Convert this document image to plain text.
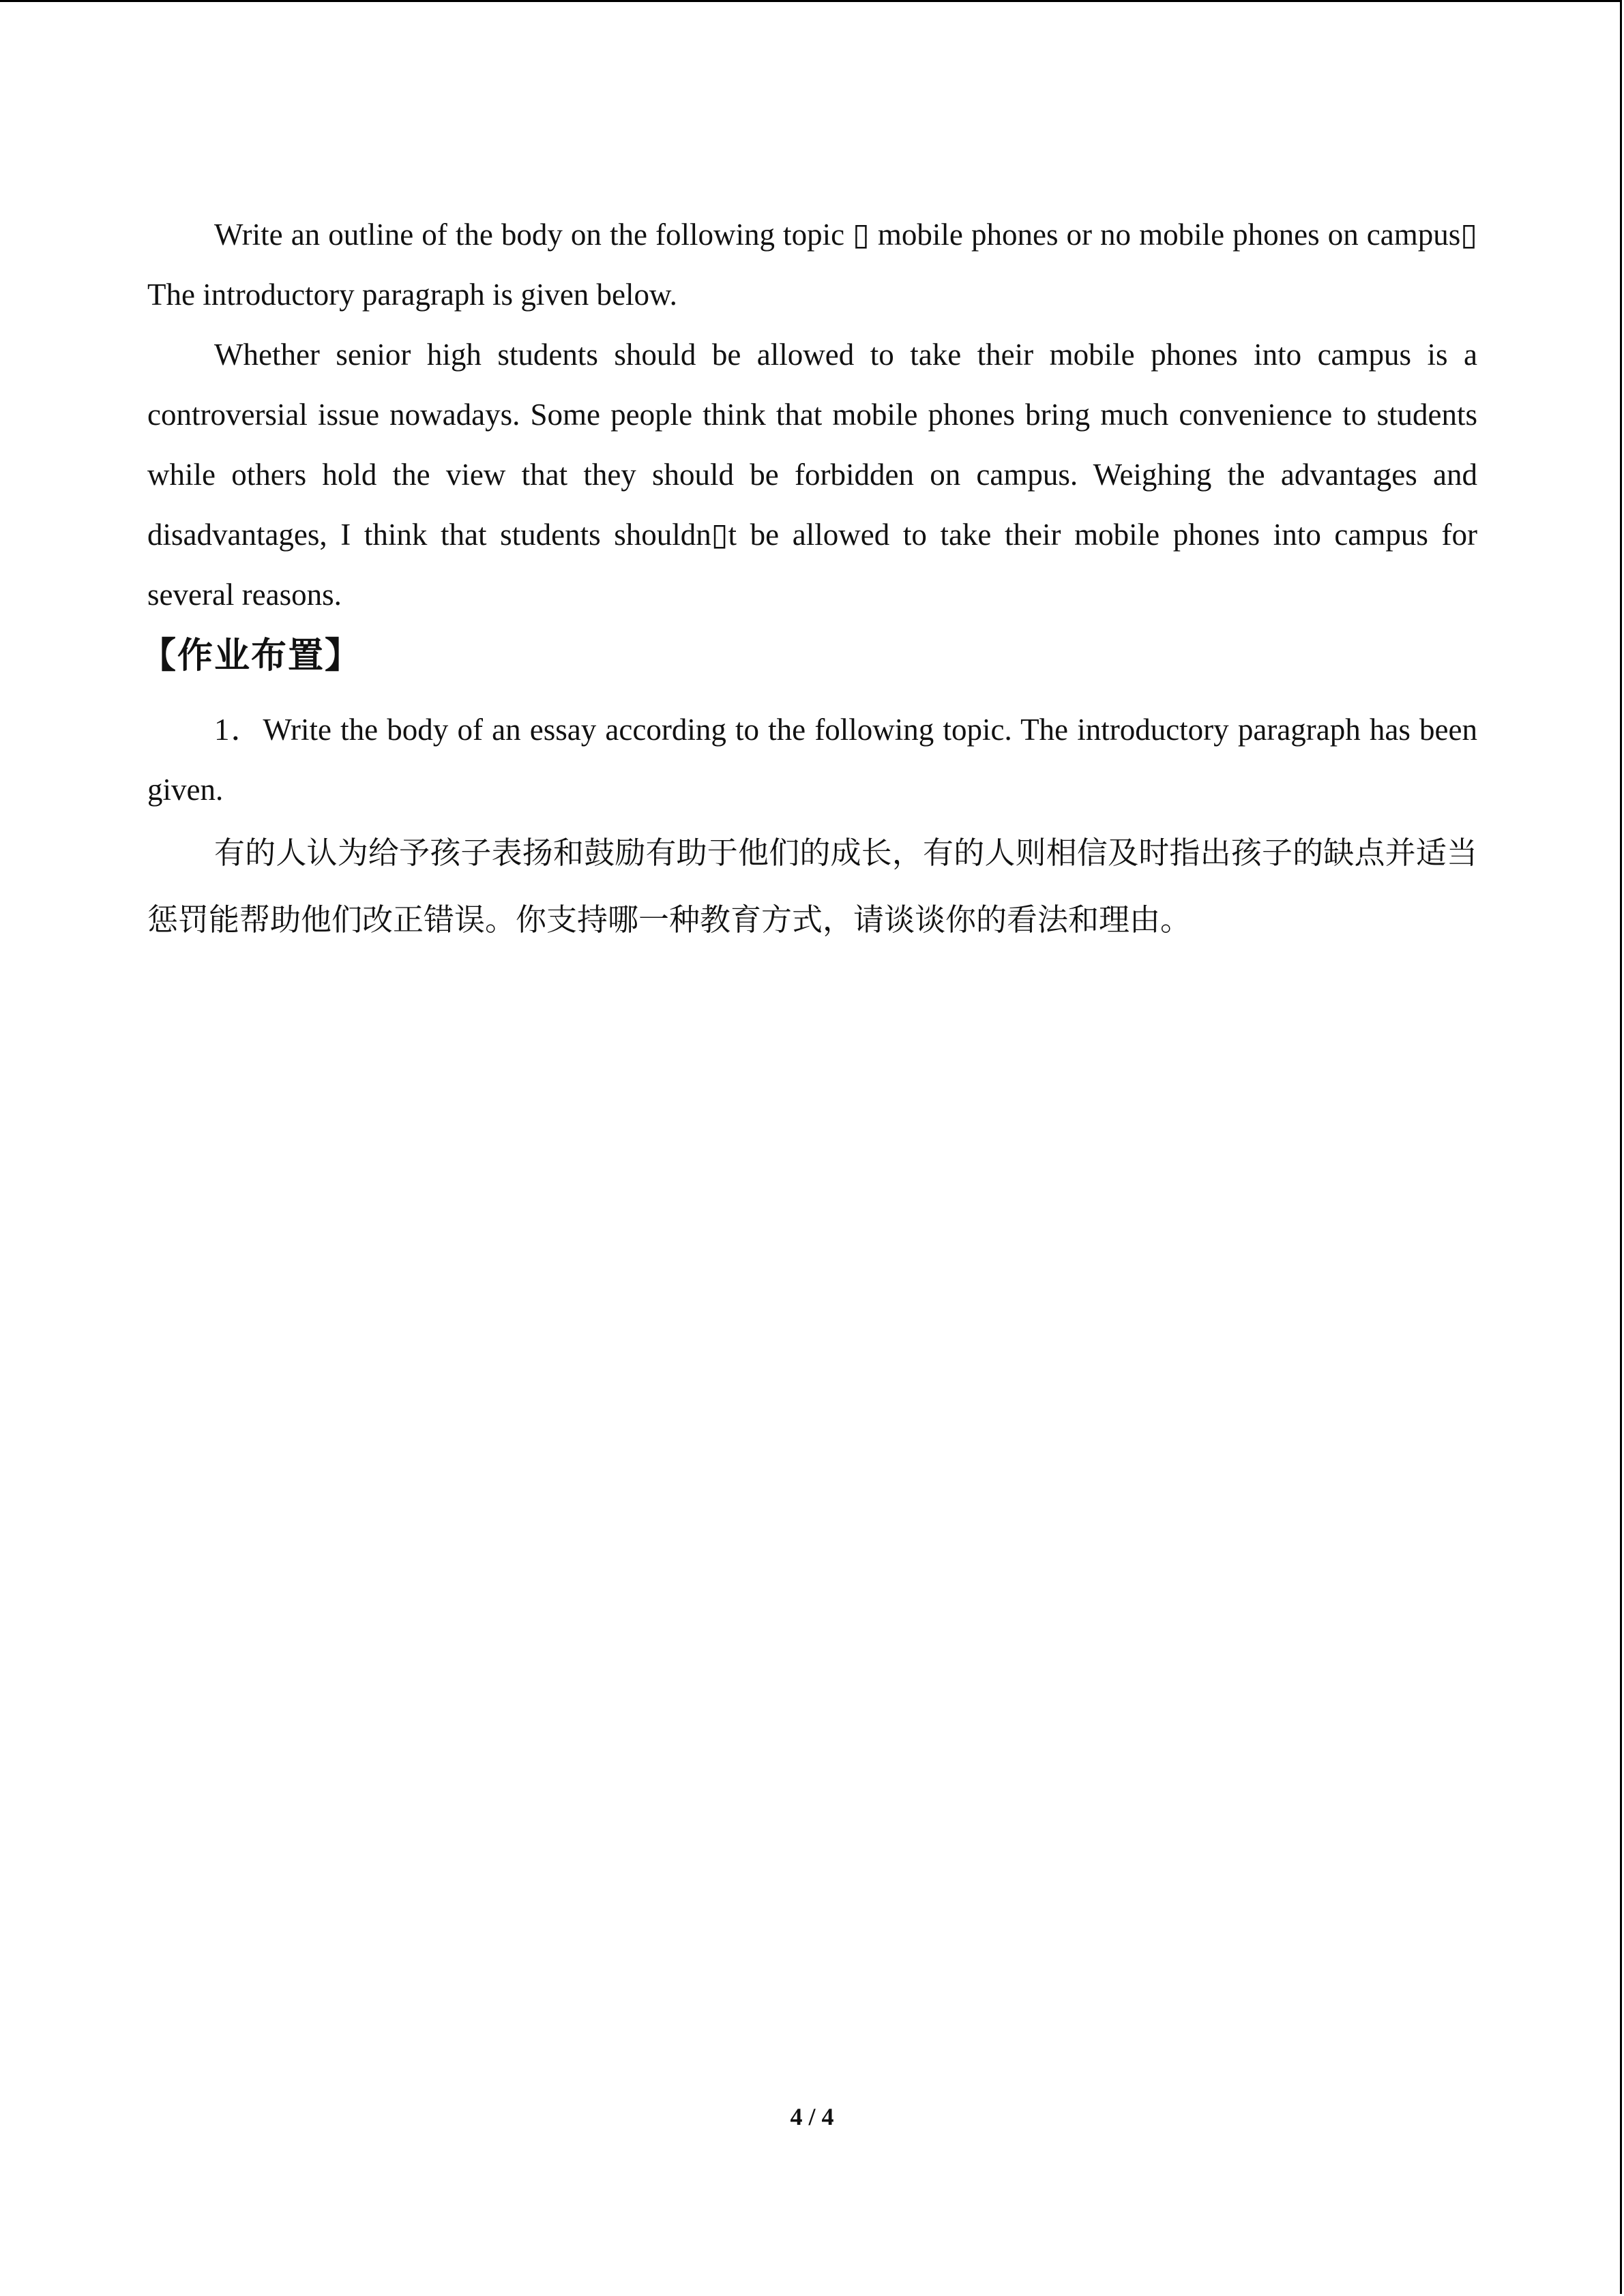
Write an outline of the body on the following topic ▯ mobile phones or no mobile phones on campus▯ The introductory paragraph is given below.

Whether senior high students should be allowed to take their mobile phones into campus is a controversial issue nowadays. Some people think that mobile phones bring much convenience to students while others hold the view that they should be forbidden on campus. Weighing the advantages and disadvantages, I think that students shouldn▯t be allowed to take their mobile phones into campus for several reasons.

【作业布置】

1．Write the body of an essay according to the following topic. The introductory paragraph has been given.

有的人认为给予孩子表扬和鼓励有助于他们的成长，有的人则相信及时指出孩子的缺点并适当惩罚能帮助他们改正错误。你支持哪一种教育方式，请谈谈你的看法和理由。

4 / 4
